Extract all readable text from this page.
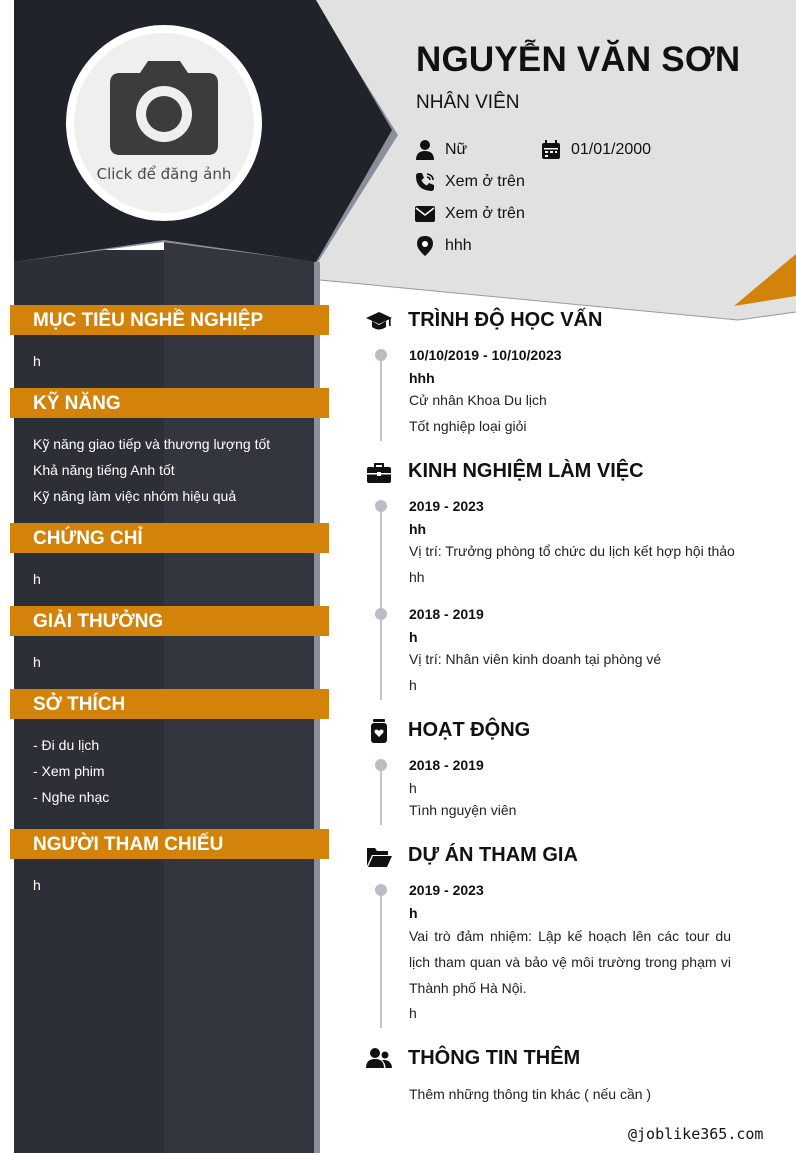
Click để đăng ảnh
NGUYỄN VĂN SƠN
NHÂN VIÊN
Nữ	01/01/2000
Xem ở trên
Xem ở trên
hhh
MỤC TIÊU NGHỀ NGHIỆP
h
KỸ NĂNG
Kỹ năng giao tiếp và thương lượng tốt
Khả năng tiếng Anh tốt
Kỹ năng làm việc nhóm hiệu quả
CHỨNG CHỈ
h
GIẢI THƯỞNG
h
SỞ THÍCH
- Đi du lịch
- Xem phim
- Nghe nhạc
NGƯỜI THAM CHIẾU
h
TRÌNH ĐỘ HỌC VẤN
10/10/2019 - 10/10/2023
hhh
Cử nhân Khoa Du lịch
Tốt nghiệp loại giỏi
KINH NGHIỆM LÀM VIỆC
2019 - 2023
hh
Vị trí: Trưởng phòng tổ chức du lịch kết hợp hội thảo
hh
2018 - 2019
h
Vị trí: Nhân viên kinh doanh tại phòng vé
h
HOẠT ĐỘNG
2018 - 2019
h
Tình nguyện viên
DỰ ÁN THAM GIA
2019 - 2023
h
Vai trò đảm nhiệm: Lập kế hoạch lên các tour du lịch tham quan và bảo vệ môi trường trong phạm vi Thành phố Hà Nội.
h
THÔNG TIN THÊM
Thêm những thông tin khác ( nếu cần )
@joblike365.com
